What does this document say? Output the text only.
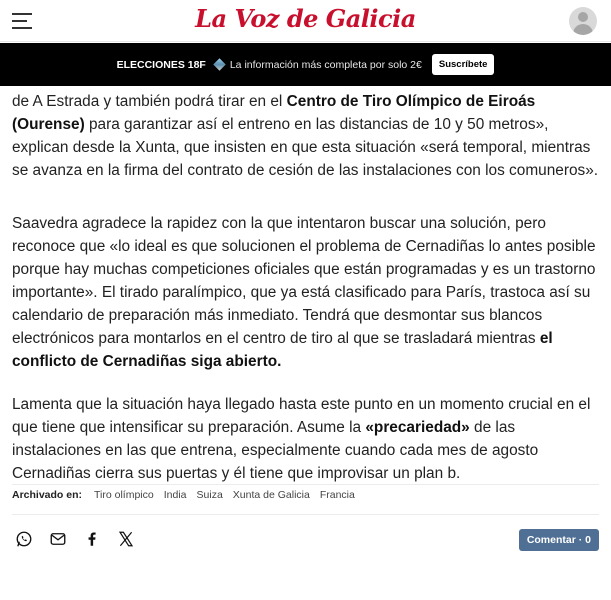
La Voz de Galicia
ELECCIONES 18F La información más completa por solo 2€	Suscríbete

de A Estrada y también podrá tirar en el Centro de Tiro Olímpico de Eiroás (Ourense) para garantizar así el entreno en las distancias de 10 y 50 metros», explican desde la Xunta, que insisten en que esta situación «será temporal, mientras se avanza en la firma del contrato de cesión de las instalaciones con los comuneros».

Saavedra agradece la rapidez con la que intentaron buscar una solución, pero reconoce que «lo ideal es que solucionen el problema de Cernadiñas lo antes posible porque hay muchas competiciones oficiales que están programadas y es un trastorno importante». El tirado paralímpico, que ya está clasificado para París, trastoca así su calendario de preparación más inmediato. Tendrá que desmontar sus blancos electrónicos para montarlos en el centro de tiro al que se trasladará mientras el conflicto de Cernadiñas siga abierto.

Lamenta que la situación haya llegado hasta este punto en un momento crucial en el que tiene que intensificar su preparación. Asume la «precariedad» de las instalaciones en las que entrena, especialmente cuando cada mes de agosto Cernadiñas cierra sus puertas y él tiene que improvisar un plan b.

Archivado en: Tiro olímpico India Suiza Xunta de Galicia Francia
Comentar · 0
